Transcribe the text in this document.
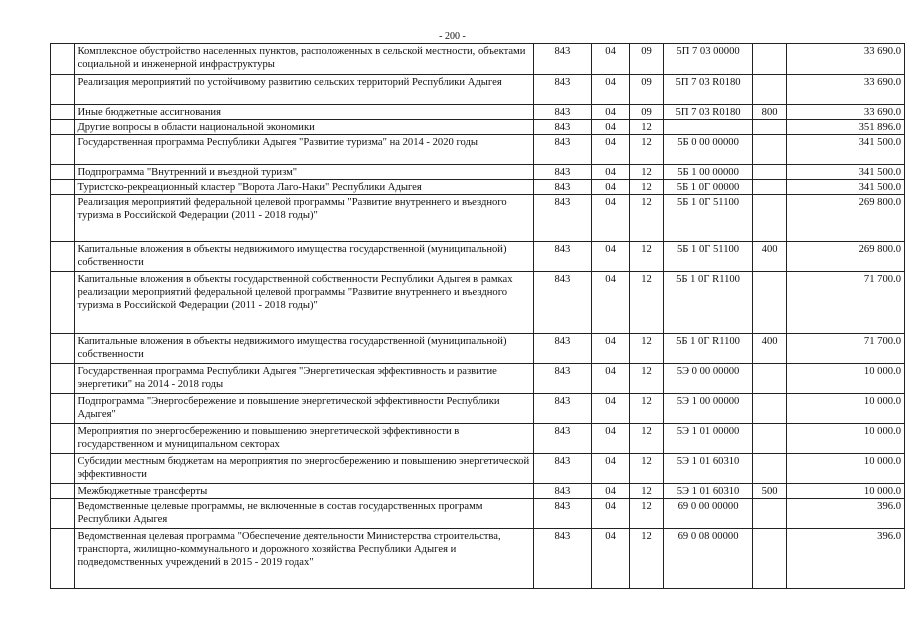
- 200 -
	Комплексное обустройство населенных пунктов, расположенных в сельской местности, объектами социальной и инженерной инфраструктуры	843	04	09	5П 7 03 00000		33 690.0
	Реализация мероприятий по устойчивому развитию сельских территорий Республики Адыгея	843	04	09	5П 7 03 R0180		33 690.0
	Иные бюджетные ассигнования	843	04	09	5П 7 03 R0180	800	33 690.0
	Другие вопросы в области национальной экономики	843	04	12			351 896.0
	Государственная программа Республики Адыгея "Развитие туризма" на 2014 - 2020 годы	843	04	12	5Б 0 00 00000		341 500.0
	Подпрограмма "Внутренний и въездной туризм"	843	04	12	5Б 1 00 00000		341 500.0
	Туристско-рекреационный кластер "Ворота Лаго-Наки" Республики Адыгея	843	04	12	5Б 1 0Г 00000		341 500.0
	Реализация мероприятий федеральной целевой программы "Развитие внутреннего и въездного туризма в Российской Федерации (2011 - 2018 годы)"	843	04	12	5Б 1 0Г 51100		269 800.0
	Капитальные вложения в объекты недвижимого имущества государственной (муниципальной) собственности	843	04	12	5Б 1 0Г 51100	400	269 800.0
	Капитальные вложения в объекты государственной собственности Республики Адыгея в рамках реализации мероприятий федеральной целевой программы "Развитие внутреннего и въездного туризма в Российской Федерации (2011 - 2018 годы)"	843	04	12	5Б 1 0Г R1100		71 700.0
	Капитальные вложения в объекты недвижимого имущества государственной (муниципальной) собственности	843	04	12	5Б 1 0Г R1100	400	71 700.0
	Государственная программа Республики Адыгея "Энергетическая эффективность и развитие энергетики" на 2014 - 2018 годы	843	04	12	5Э 0 00 00000		10 000.0
	Подпрограмма "Энергосбережение и повышение энергетической эффективности Республики Адыгея"	843	04	12	5Э 1 00 00000		10 000.0
	Мероприятия по энергосбережению и повышению энергетической эффективности в государственном и муниципальном секторах	843	04	12	5Э 1 01 00000		10 000.0
	Субсидии местным бюджетам на мероприятия по энергосбережению и повышению энергетической эффективности	843	04	12	5Э 1 01 60310		10 000.0
	Межбюджетные трансферты	843	04	12	5Э 1 01 60310	500	10 000.0
	Ведомственные целевые программы, не включенные в состав государственных программ Республики Адыгея	843	04	12	69 0 00 00000		396.0
	Ведомственная целевая программа "Обеспечение деятельности Министерства строительства, транспорта, жилищно-коммунального и дорожного хозяйства Республики Адыгея и подведомственных учреждений в 2015 - 2019 годах"	843	04	12	69 0 08 00000		396.0
